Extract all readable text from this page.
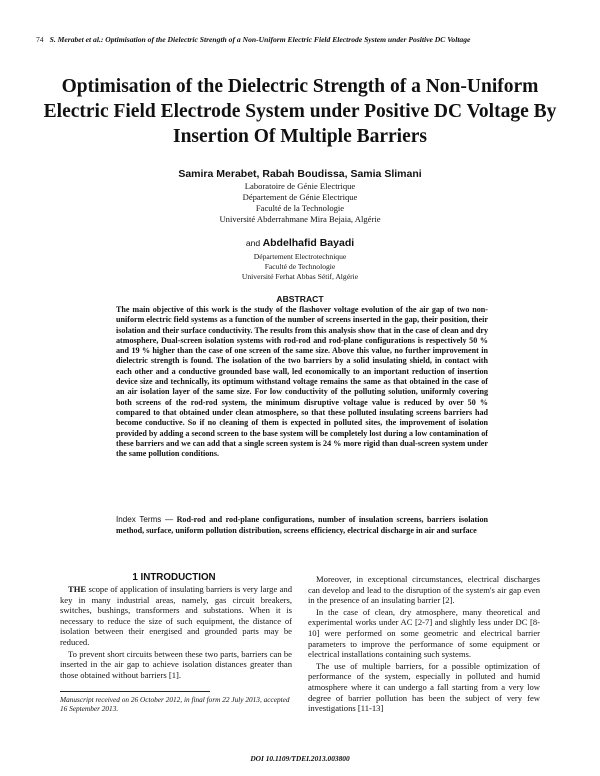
74 S. Merabet et al.: Optimisation of the Dielectric Strength of a Non-Uniform Electric Field Electrode System under Positive DC Voltage
Optimisation of the Dielectric Strength of a Non-Uniform Electric Field Electrode System under Positive DC Voltage By Insertion Of Multiple Barriers
Samira Merabet, Rabah Boudissa, Samia Slimani
Laboratoire de Génie Electrique
Département de Génie Electrique
Faculté de la Technologie
Université Abderrahmane Mira Bejaia, Algérie
and Abdelhafid Bayadi
Département Electrotechnique
Faculté de Technologie
Université Ferhat Abbas Sétif, Algérie
ABSTRACT
The main objective of this work is the study of the flashover voltage evolution of the air gap of two non-uniform electric field systems as a function of the number of screens inserted in the gap, their position, their isolation and their surface conductivity. The results from this analysis show that in the case of clean and dry atmosphere, Dual-screen isolation systems with rod-rod and rod-plane configurations is respectively 50 % and 19 % higher than the case of one screen of the same size. Above this value, no further improvement in dielectric strength is found. The isolation of the two barriers by a solid insulating shield, in contact with each other and a conductive grounded base wall, led economically to an important reduction of insertion device size and technically, its optimum withstand voltage remains the same as that obtained in the case of an air isolation layer of the same size. For low conductivity of the polluting solution, uniformly covering both screens of the rod-rod system, the minimum disruptive voltage value is reduced by over 50 % compared to that obtained under clean atmosphere, so that these polluted insulating screens barriers had become conductive. So if no cleaning of them is expected in polluted sites, the improvement of isolation provided by adding a second screen to the base system will be completely lost during a low contamination of these barriers and we can add that a single screen system is 24 % more rigid than dual-screen system under the same pollution conditions.
Index Terms — Rod-rod and rod-plane configurations, number of insulation screens, barriers isolation method, surface, uniform pollution distribution, screens efficiency, electrical discharge in air and surface
1 INTRODUCTION

THE scope of application of insulating barriers is very large and key in many industrial areas, namely, gas circuit breakers, switches, bushings, transformers and substations. When it is necessary to reduce the size of such equipment, the distance of isolation between their energised and grounded parts may be reduced.

To prevent short circuits between these two parts, barriers can be inserted in the air gap to achieve isolation distances greater than those obtained without barriers [1].

Moreover, in exceptional circumstances, electrical discharges can develop and lead to the disruption of the system's air gap even in the presence of an insulating barrier [2].

In the case of clean, dry atmosphere, many theoretical and experimental works under AC [2-7] and slightly less under DC [8-10] were performed on some geometric and electrical barrier parameters to improve the performance of some equipment or electrical installations containing such systems.

The use of multiple barriers, for a possible optimization of performance of the system, especially in polluted and humid atmosphere where it can undergo a fall starting from a very low degree of barrier pollution has been the subject of very few investigations [11-13]

Manuscript received on 26 October 2012, in final form 22 July 2013, accepted 16 September 2013.
DOI 10.1109/TDEI.2013.003800
